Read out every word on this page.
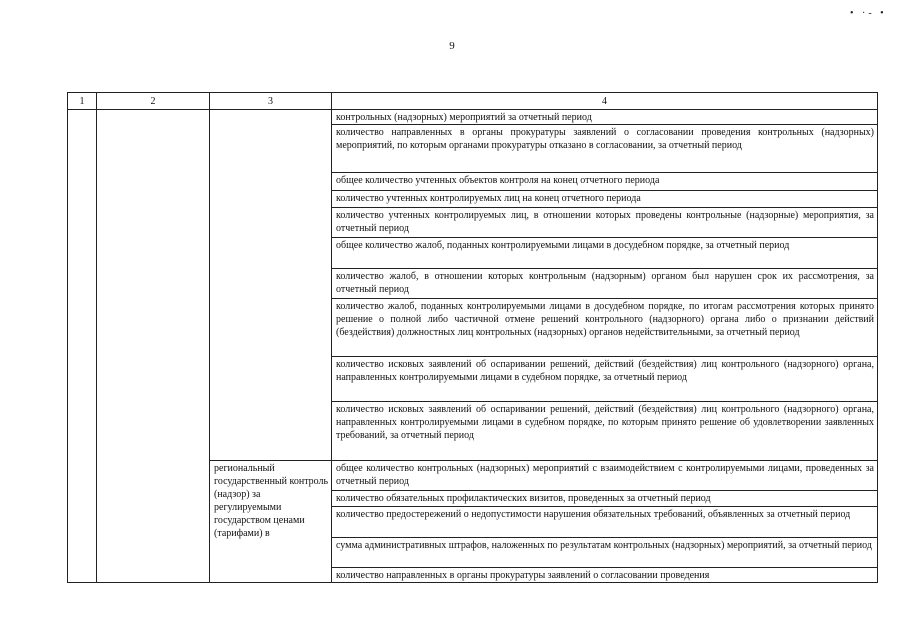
9
• ·- •
1	2	3	4
			контрольных (надзорных) мероприятий за отчетный период
			количество направленных в органы прокуратуры заявлений о согласовании проведения контрольных (надзорных) мероприятий, по которым органами прокуратуры отказано в согласовании, за отчетный период
			общее количество учтенных объектов контроля на конец отчетного периода
			количество учтенных контролируемых лиц на конец отчетного периода
			количество учтенных контролируемых лиц, в отношении которых проведены контрольные (надзорные) мероприятия, за отчетный период
			общее количество жалоб, поданных контролируемыми лицами в досудебном порядке, за отчетный период
			количество жалоб, в отношении которых контрольным (надзорным) органом был нарушен срок их рассмотрения, за отчетный период
			количество жалоб, поданных контролируемыми лицами в досудебном порядке, по итогам рассмотрения которых принято решение о полной либо частичной отмене решений контрольного (надзорного) органа либо о признании действий (бездействия) должностных лиц контрольных (надзорных) органов недействительными, за отчетный период
			количество исковых заявлений об оспаривании решений, действий (бездействия) лиц контрольного (надзорного) органа, направленных контролируемыми лицами в судебном порядке, за отчетный период
			количество исковых заявлений об оспаривании решений, действий (бездействия) лиц контрольного (надзорного) органа, направленных контролируемыми лицами в судебном порядке, по которым принято решение об удовлетворении заявленных требований, за отчетный период
		региональный государственный контроль (надзор) за регулируемыми государством ценами (тарифами) в	общее количество контрольных (надзорных) мероприятий с взаимодействием с контролируемыми лицами, проведенных за отчетный период
			количество обязательных профилактических визитов, проведенных за отчетный период
			количество предостережений о недопустимости нарушения обязательных требований, объявленных за отчетный период
			сумма административных штрафов, наложенных по результатам контрольных (надзорных) мероприятий, за отчетный период
			количество направленных в органы прокуратуры заявлений о согласовании проведения
